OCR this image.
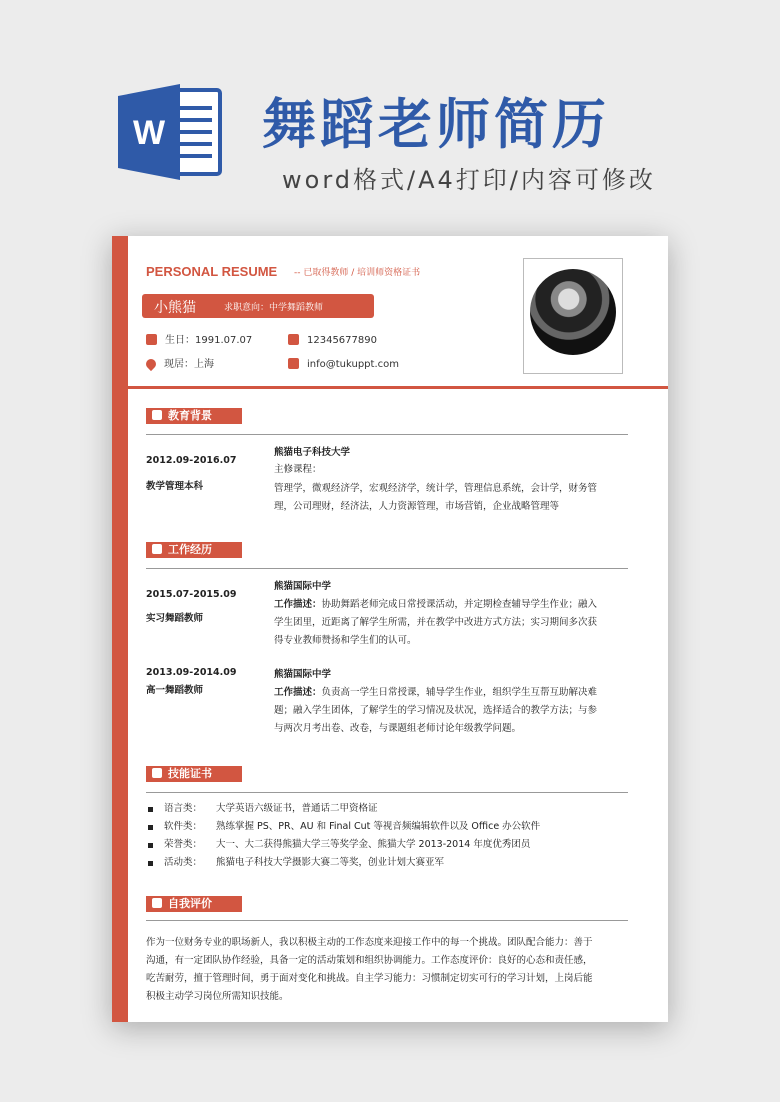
W 舞蹈老师简历
word格式/A4打印/内容可修改
PERSONAL RESUME -- 已取得教师 / 培训师资格证书
小熊猫	求职意向：中学舞蹈教师
生日：1991.07.07	12345677890
现居：上海	info@tukuppt.com
教育背景
2012.09-2016.07
教学管理本科
熊猫电子科技大学
主修课程：
管理学，微观经济学，宏观经济学，统计学，管理信息系统，会计学，财务管
理，公司理财，经济法，人力资源管理，市场营销，企业战略管理等
工作经历
2015.07-2015.09
实习舞蹈教师
熊猫国际中学
工作描述：协助舞蹈老师完成日常授课活动，并定期检查辅导学生作业；融入
学生团里，近距离了解学生所需，并在教学中改进方式方法；实习期间多次获
得专业教师赞扬和学生们的认可。
2013.09-2014.09
高一舞蹈教师
熊猫国际中学
工作描述：负责高一学生日常授课，辅导学生作业，组织学生互帮互助解决难
题；融入学生团体，了解学生的学习情况及状况，选择适合的教学方法；与参
与两次月考出卷、改卷，与课题组老师讨论年级教学问题。
技能证书
语言类： 大学英语六级证书，普通话二甲资格证
软件类： 熟练掌握 PS、PR、AU 和 Final Cut 等视音频编辑软件以及 Office 办公软件
荣誉类： 大一、大二获得熊猫大学三等奖学金、熊猫大学 2013-2014 年度优秀团员
活动类： 熊猫电子科技大学摄影大赛二等奖，创业计划大赛亚军
自我评价
作为一位财务专业的职场新人，我以积极主动的工作态度来迎接工作中的每一个挑战。团队配合能力：善于
沟通，有一定团队协作经验，具备一定的活动策划和组织协调能力。工作态度评价：良好的心态和责任感，
吃苦耐劳，擅于管理时间，勇于面对变化和挑战。自主学习能力：习惯制定切实可行的学习计划，上岗后能
积极主动学习岗位所需知识技能。
